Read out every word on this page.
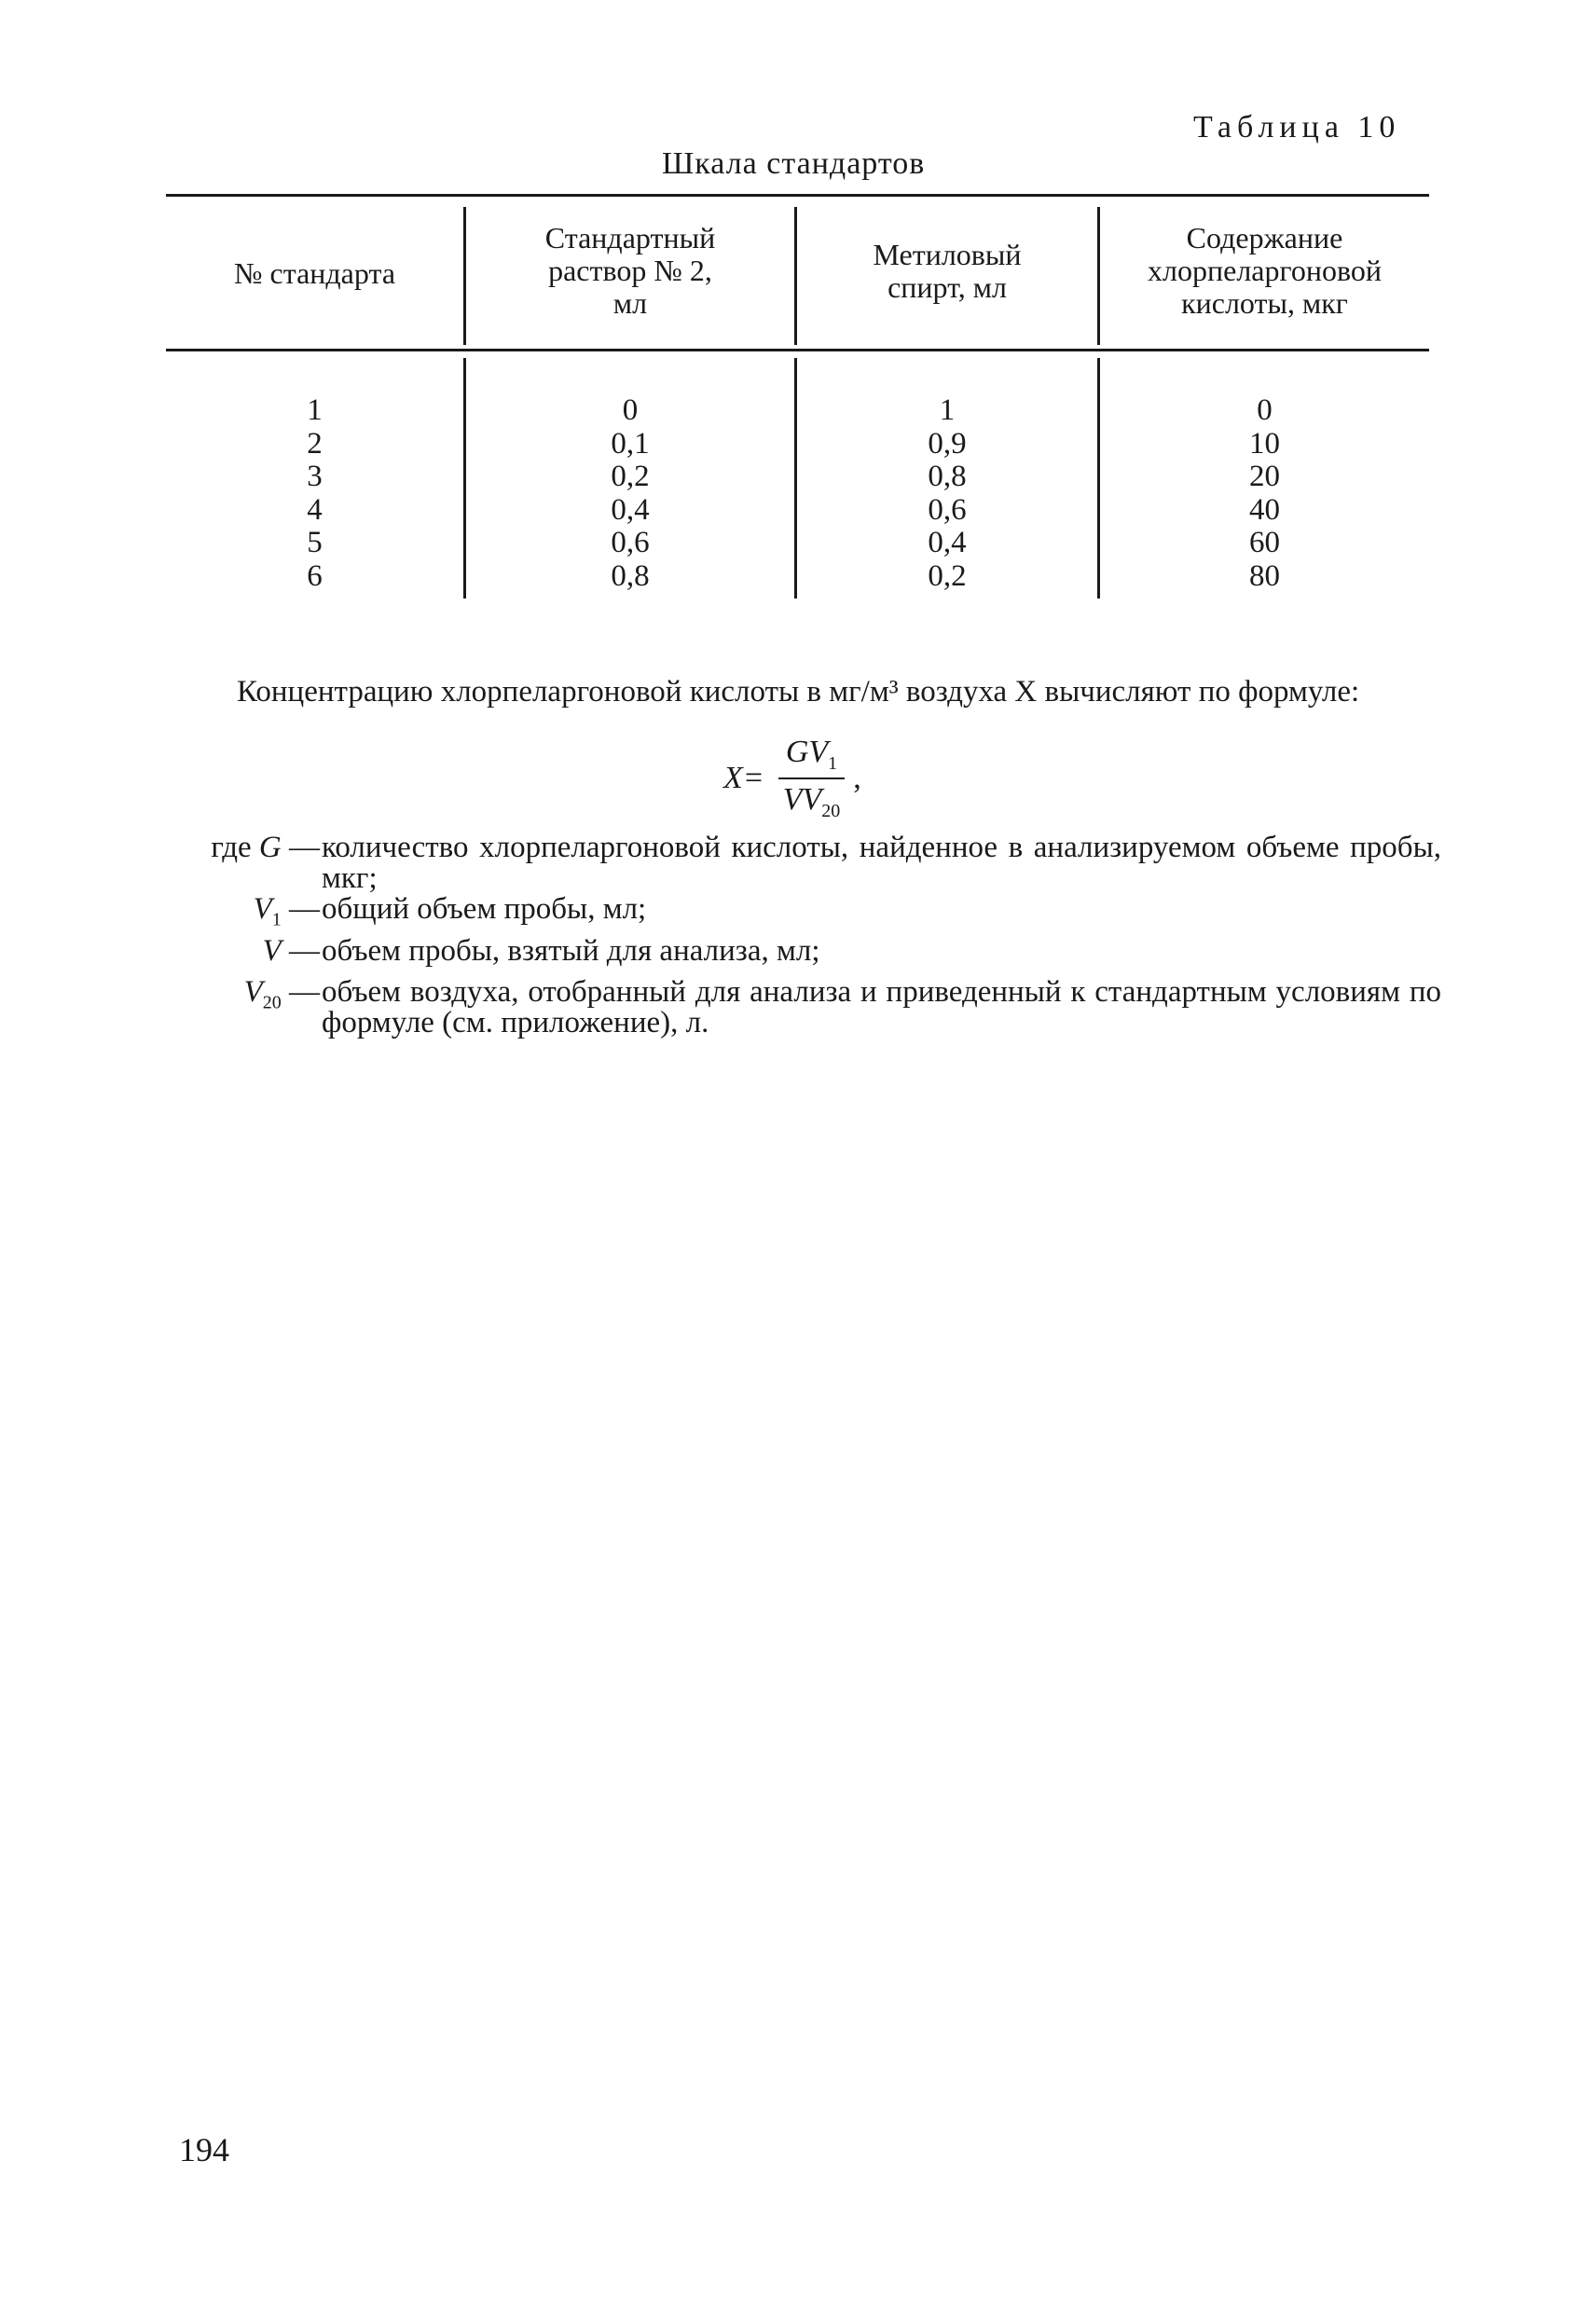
Таблица 10
Шкала стандартов
№ стандарта
Стандартный
раствор № 2,
мл
Метиловый
спирт, мл
Содержание
хлорпеларгоновой
кислоты, мкг
1
2
3
4
5
6
0
0,1
0,2
0,4
0,6
0,8
1
0,9
0,8
0,6
0,4
0,2
0
10
20
40
60
80

Концентрацию хлорпеларгоновой кислоты в мг/м³ воздуха X вычисляют по формуле:

$X= \frac{GV_1}{VV_{20}}$ ,
где G — количество хлорпеларгоновой кислоты, найденное в анализируемом объеме пробы, мкг;
$V_1$ — общий объем пробы, мл;
V — объем пробы, взятый для анализа, мл;
$V_{20}$ — объем воздуха, отобранный для анализа и приведенный к стандартным условиям по формуле (см. приложение), л.
194
